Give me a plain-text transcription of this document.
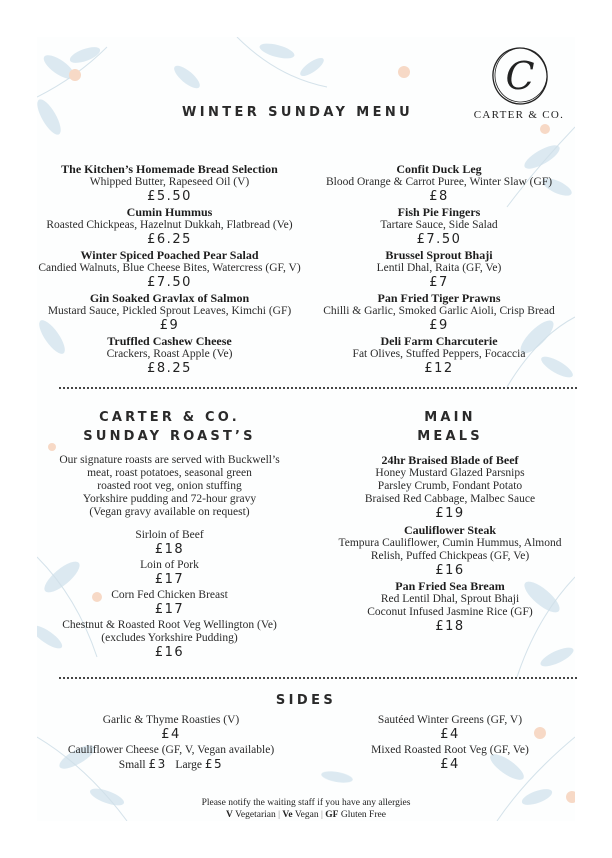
C
CARTER & CO.
WINTER SUNDAY MENU
The Kitchen’s Homemade Bread Selection
Whipped Butter, Rapeseed Oil (V)
£5.50
Cumin Hummus
Roasted Chickpeas, Hazelnut Dukkah, Flatbread (Ve)
£6.25
Winter Spiced Poached Pear Salad
Candied Walnuts, Blue Cheese Bites, Watercress (GF, V)
£7.50
Gin Soaked Gravlax of Salmon
Mustard Sauce, Pickled Sprout Leaves, Kimchi (GF)
£9
Truffled Cashew Cheese
Crackers, Roast Apple (Ve)
£8.25
Confit Duck Leg
Blood Orange & Carrot Puree, Winter Slaw (GF)
£8
Fish Pie Fingers
Tartare Sauce, Side Salad
£7.50
Brussel Sprout Bhaji
Lentil Dhal, Raita (GF, Ve)
£7
Pan Fried Tiger Prawns
Chilli & Garlic, Smoked Garlic Aioli, Crisp Bread
£9
Deli Farm Charcuterie
Fat Olives, Stuffed Peppers, Focaccia
£12
CARTER & CO.
SUNDAY ROAST’S
Our signature roasts are served with Buckwell’s
meat, roast potatoes, seasonal green
roasted root veg, onion stuffing
Yorkshire pudding and 72-hour gravy
(Vegan gravy available on request)
Sirloin of Beef
£18
Loin of Pork
£17
Corn Fed Chicken Breast
£17
Chestnut & Roasted Root Veg Wellington (Ve)
(excludes Yorkshire Pudding)
£16
MAIN
MEALS
24hr Braised Blade of Beef
Honey Mustard Glazed Parsnips
Parsley Crumb, Fondant Potato
Braised Red Cabbage, Malbec Sauce
£19
Cauliflower Steak
Tempura Cauliflower, Cumin Hummus, Almond
Relish, Puffed Chickpeas (GF, Ve)
£16
Pan Fried Sea Bream
Red Lentil Dhal, Sprout Bhaji
Coconut Infused Jasmine Rice (GF)
£18
SIDES
Garlic & Thyme Roasties (V)
£4
Cauliflower Cheese (GF, V, Vegan available)
Small £3 Large £5
Sautéed Winter Greens (GF, V)
£4
Mixed Roasted Root Veg (GF, Ve)
£4
Please notify the waiting staff if you have any allergies
V Vegetarian | Ve Vegan | GF Gluten Free
